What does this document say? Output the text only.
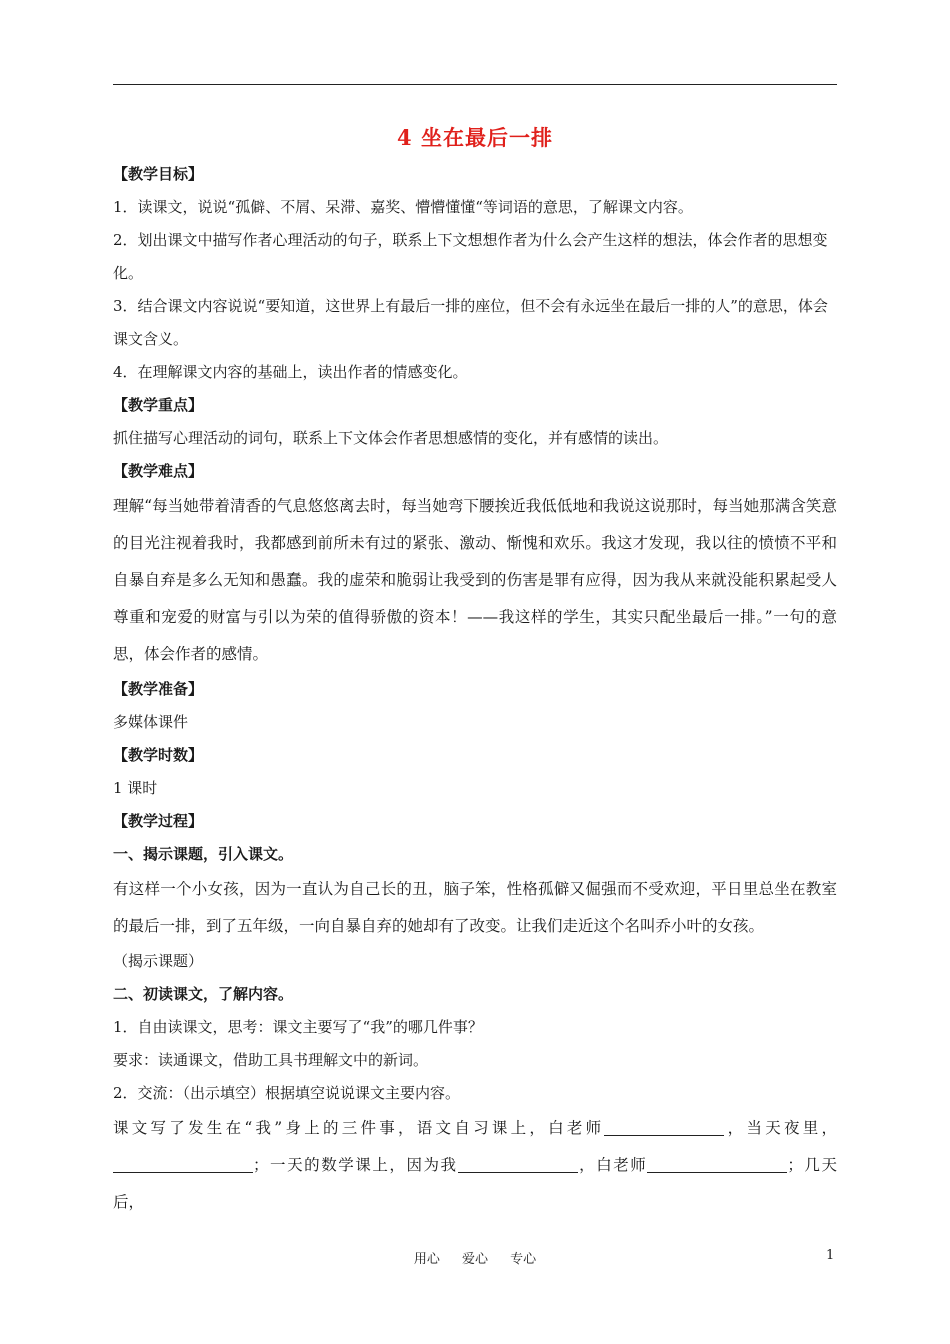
4 坐在最后一排
【教学目标】
1．读课文，说说“孤僻、不屑、呆滞、嘉奖、懵懵懂懂“等词语的意思，了解课文内容。
2．划出课文中描写作者心理活动的句子，联系上下文想想作者为什么会产生这样的想法，体会作者的思想变化。
3．结合课文内容说说“要知道，这世界上有最后一排的座位，但不会有永远坐在最后一排的人”的意思，体会课文含义。
4．在理解课文内容的基础上，读出作者的情感变化。
【教学重点】
抓住描写心理活动的词句，联系上下文体会作者思想感情的变化，并有感情的读出。
【教学难点】
理解“每当她带着清香的气息悠悠离去时，每当她弯下腰挨近我低低地和我说这说那时，每当她那满含笑意的目光注视着我时，我都感到前所未有过的紧张、激动、惭愧和欢乐。我这才发现，我以往的愤愤不平和自暴自弃是多么无知和愚蠢。我的虚荣和脆弱让我受到的伤害是罪有应得，因为我从来就没能积累起受人尊重和宠爱的财富与引以为荣的值得骄傲的资本！——我这样的学生，其实只配坐最后一排。”一句的意思，体会作者的感情。
【教学准备】
多媒体课件
【教学时数】
1 课时
【教学过程】
一、揭示课题，引入课文。
有这样一个小女孩，因为一直认为自己长的丑，脑子笨，性格孤僻又倔强而不受欢迎，平日里总坐在教室的最后一排，到了五年级，一向自暴自弃的她却有了改变。让我们走近这个名叫乔小叶的女孩。
（揭示课题）
二、初读课文，了解内容。
1．自由读课文，思考：课文主要写了“我”的哪几件事？
要求：读通课文，借助工具书理解文中的新词。
2．交流：（出示填空）根据填空说说课文主要内容。
课文写了发生在“我”身上的三件事，语文自习课上，白老师	，当天夜里，；一天的数学课上，因为我	，白老师	；几天后，
用心 爱心 专心	1
